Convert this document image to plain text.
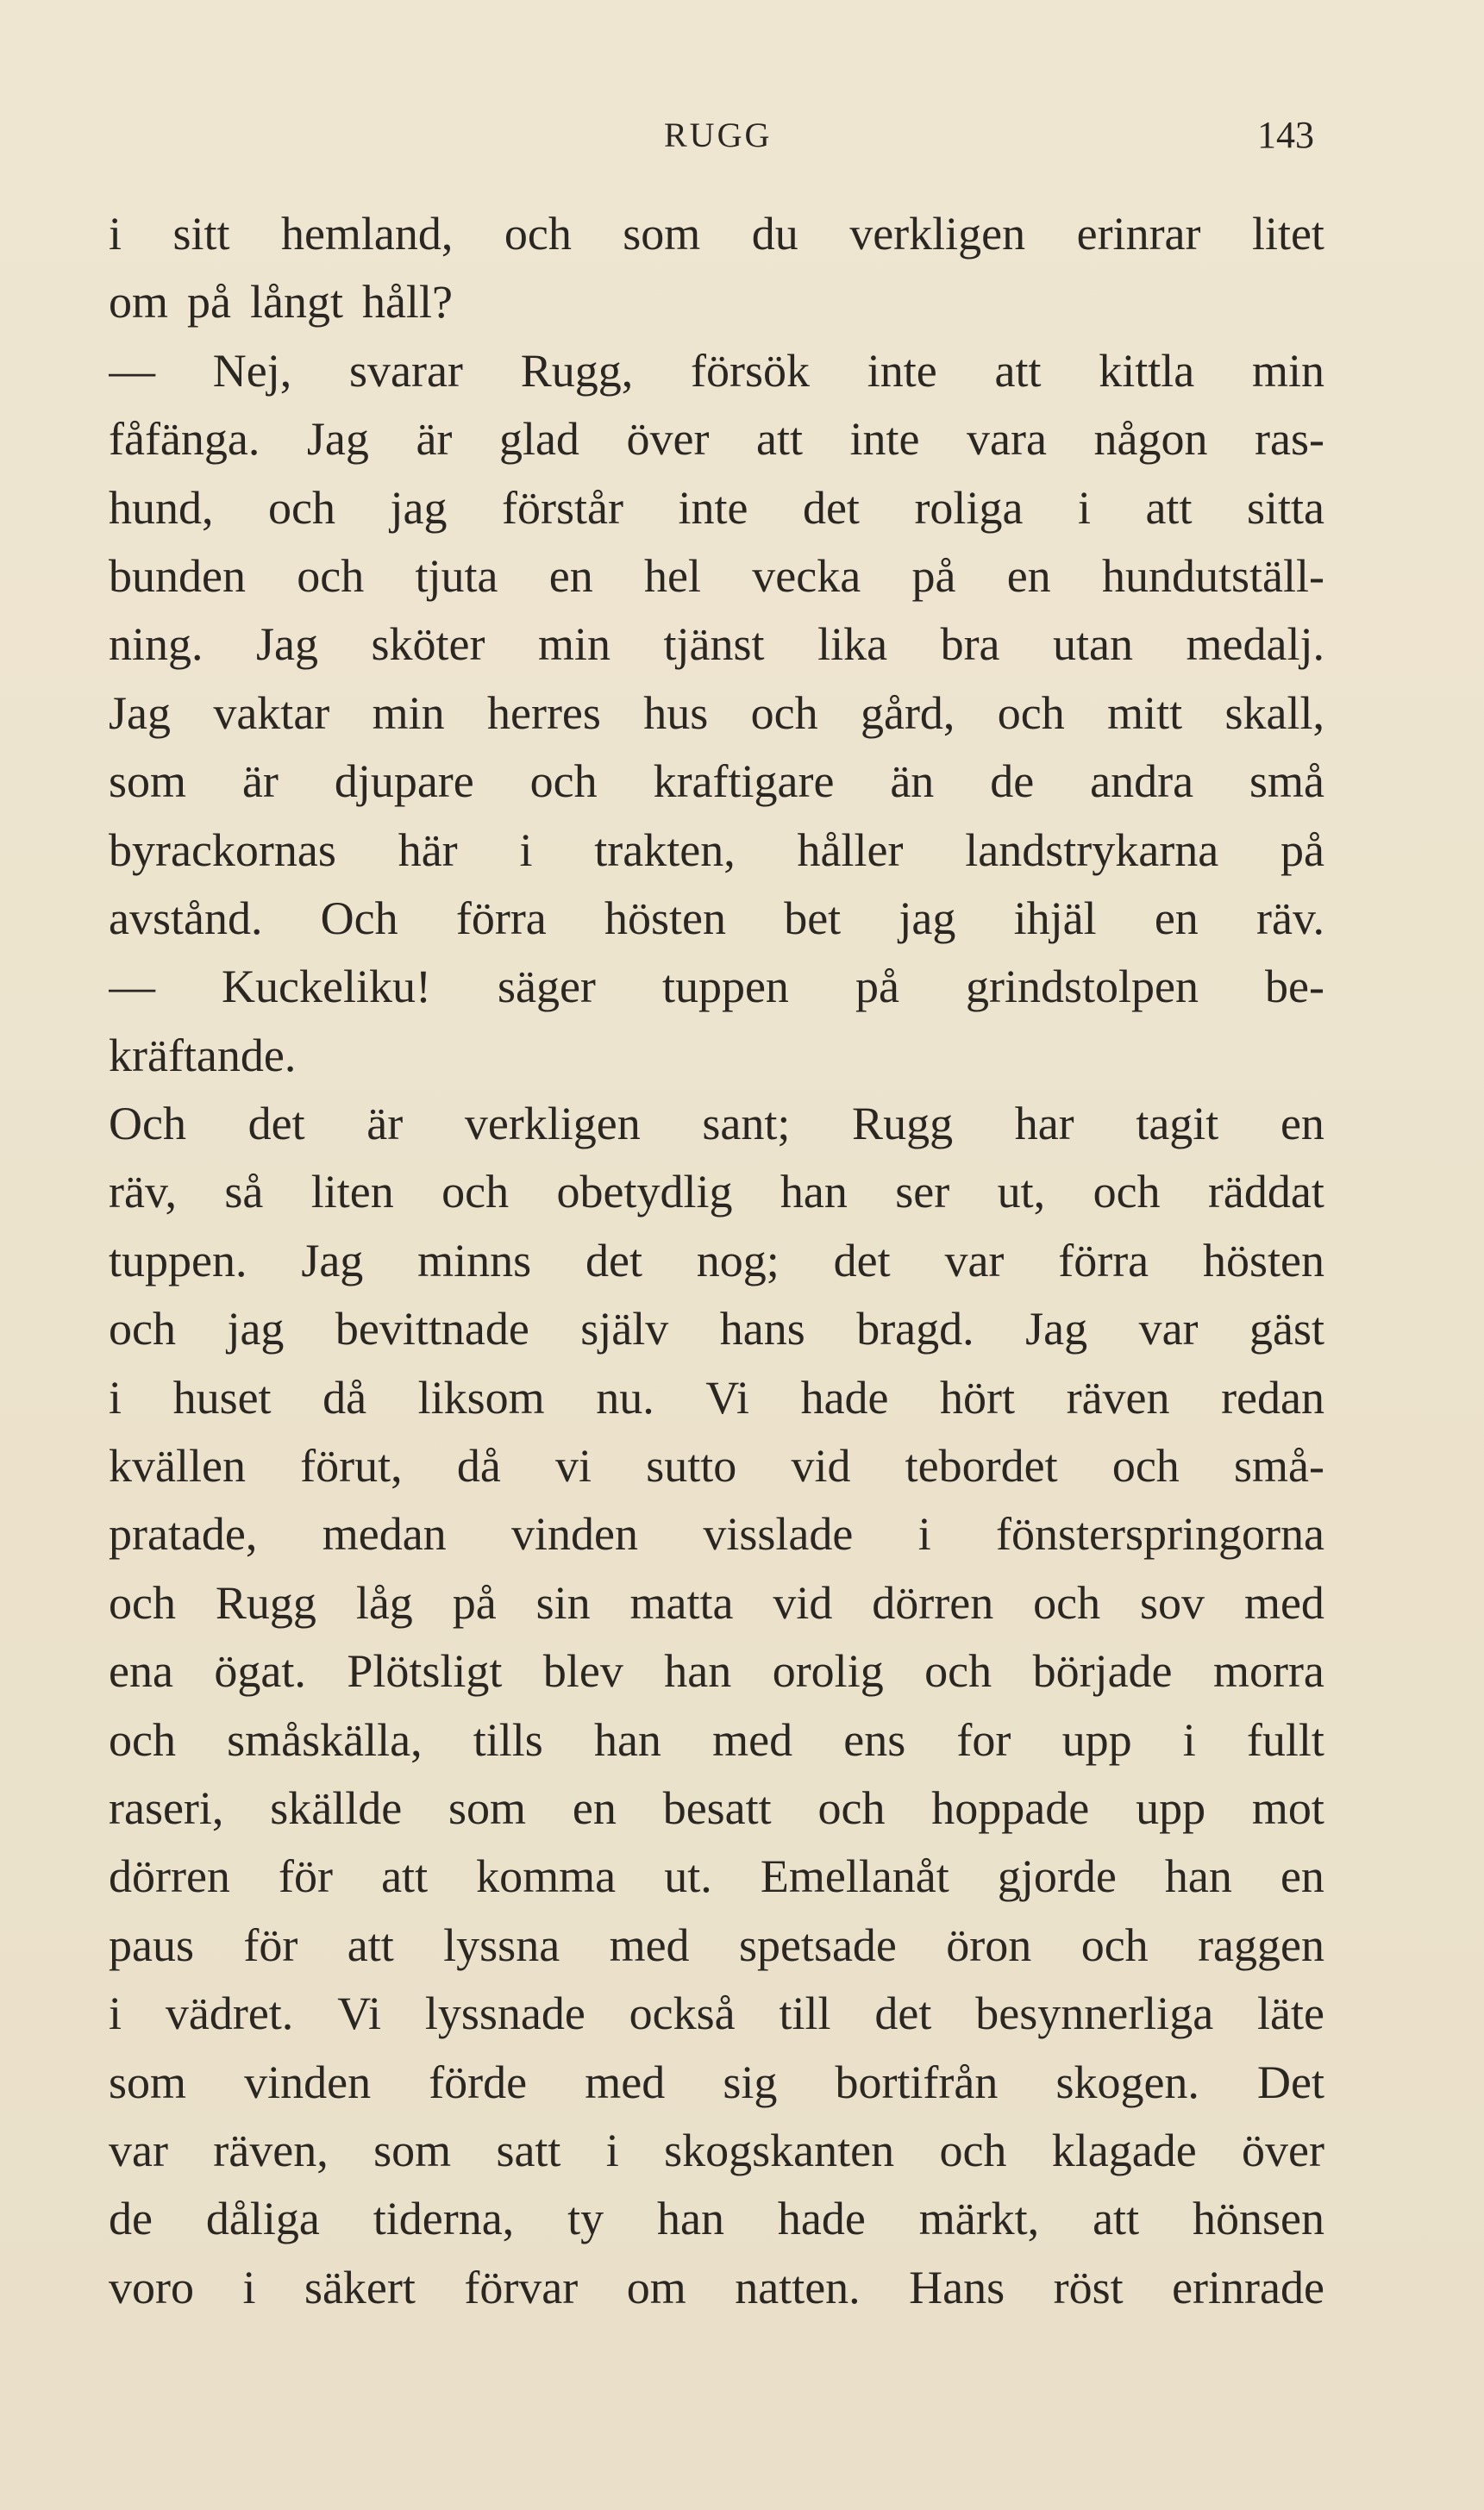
RUGG	143
i sitt hemland, och som du verkligen erinrar litet
om på långt håll?
— Nej, svarar Rugg, försök inte att kittla min
fåfänga. Jag är glad över att inte vara någon ras-
hund, och jag förstår inte det roliga i att sitta
bunden och tjuta en hel vecka på en hundutställ-
ning. Jag sköter min tjänst lika bra utan medalj.
Jag vaktar min herres hus och gård, och mitt skall,
som är djupare och kraftigare än de andra små
byrackornas här i trakten, håller landstrykarna på
avstånd. Och förra hösten bet jag ihjäl en räv.
— Kuckeliku! säger tuppen på grindstolpen be-
kräftande.
Och det är verkligen sant; Rugg har tagit en
räv, så liten och obetydlig han ser ut, och räddat
tuppen. Jag minns det nog; det var förra hösten
och jag bevittnade själv hans bragd. Jag var gäst
i huset då liksom nu. Vi hade hört räven redan
kvällen förut, då vi sutto vid tebordet och små-
pratade, medan vinden visslade i fönsterspringorna
och Rugg låg på sin matta vid dörren och sov med
ena ögat. Plötsligt blev han orolig och började morra
och småskälla, tills han med ens for upp i fullt
raseri, skällde som en besatt och hoppade upp mot
dörren för att komma ut. Emellanåt gjorde han en
paus för att lyssna med spetsade öron och raggen
i vädret. Vi lyssnade också till det besynnerliga läte
som vinden förde med sig bortifrån skogen. Det
var räven, som satt i skogskanten och klagade över
de dåliga tiderna, ty han hade märkt, att hönsen
voro i säkert förvar om natten. Hans röst erinrade
